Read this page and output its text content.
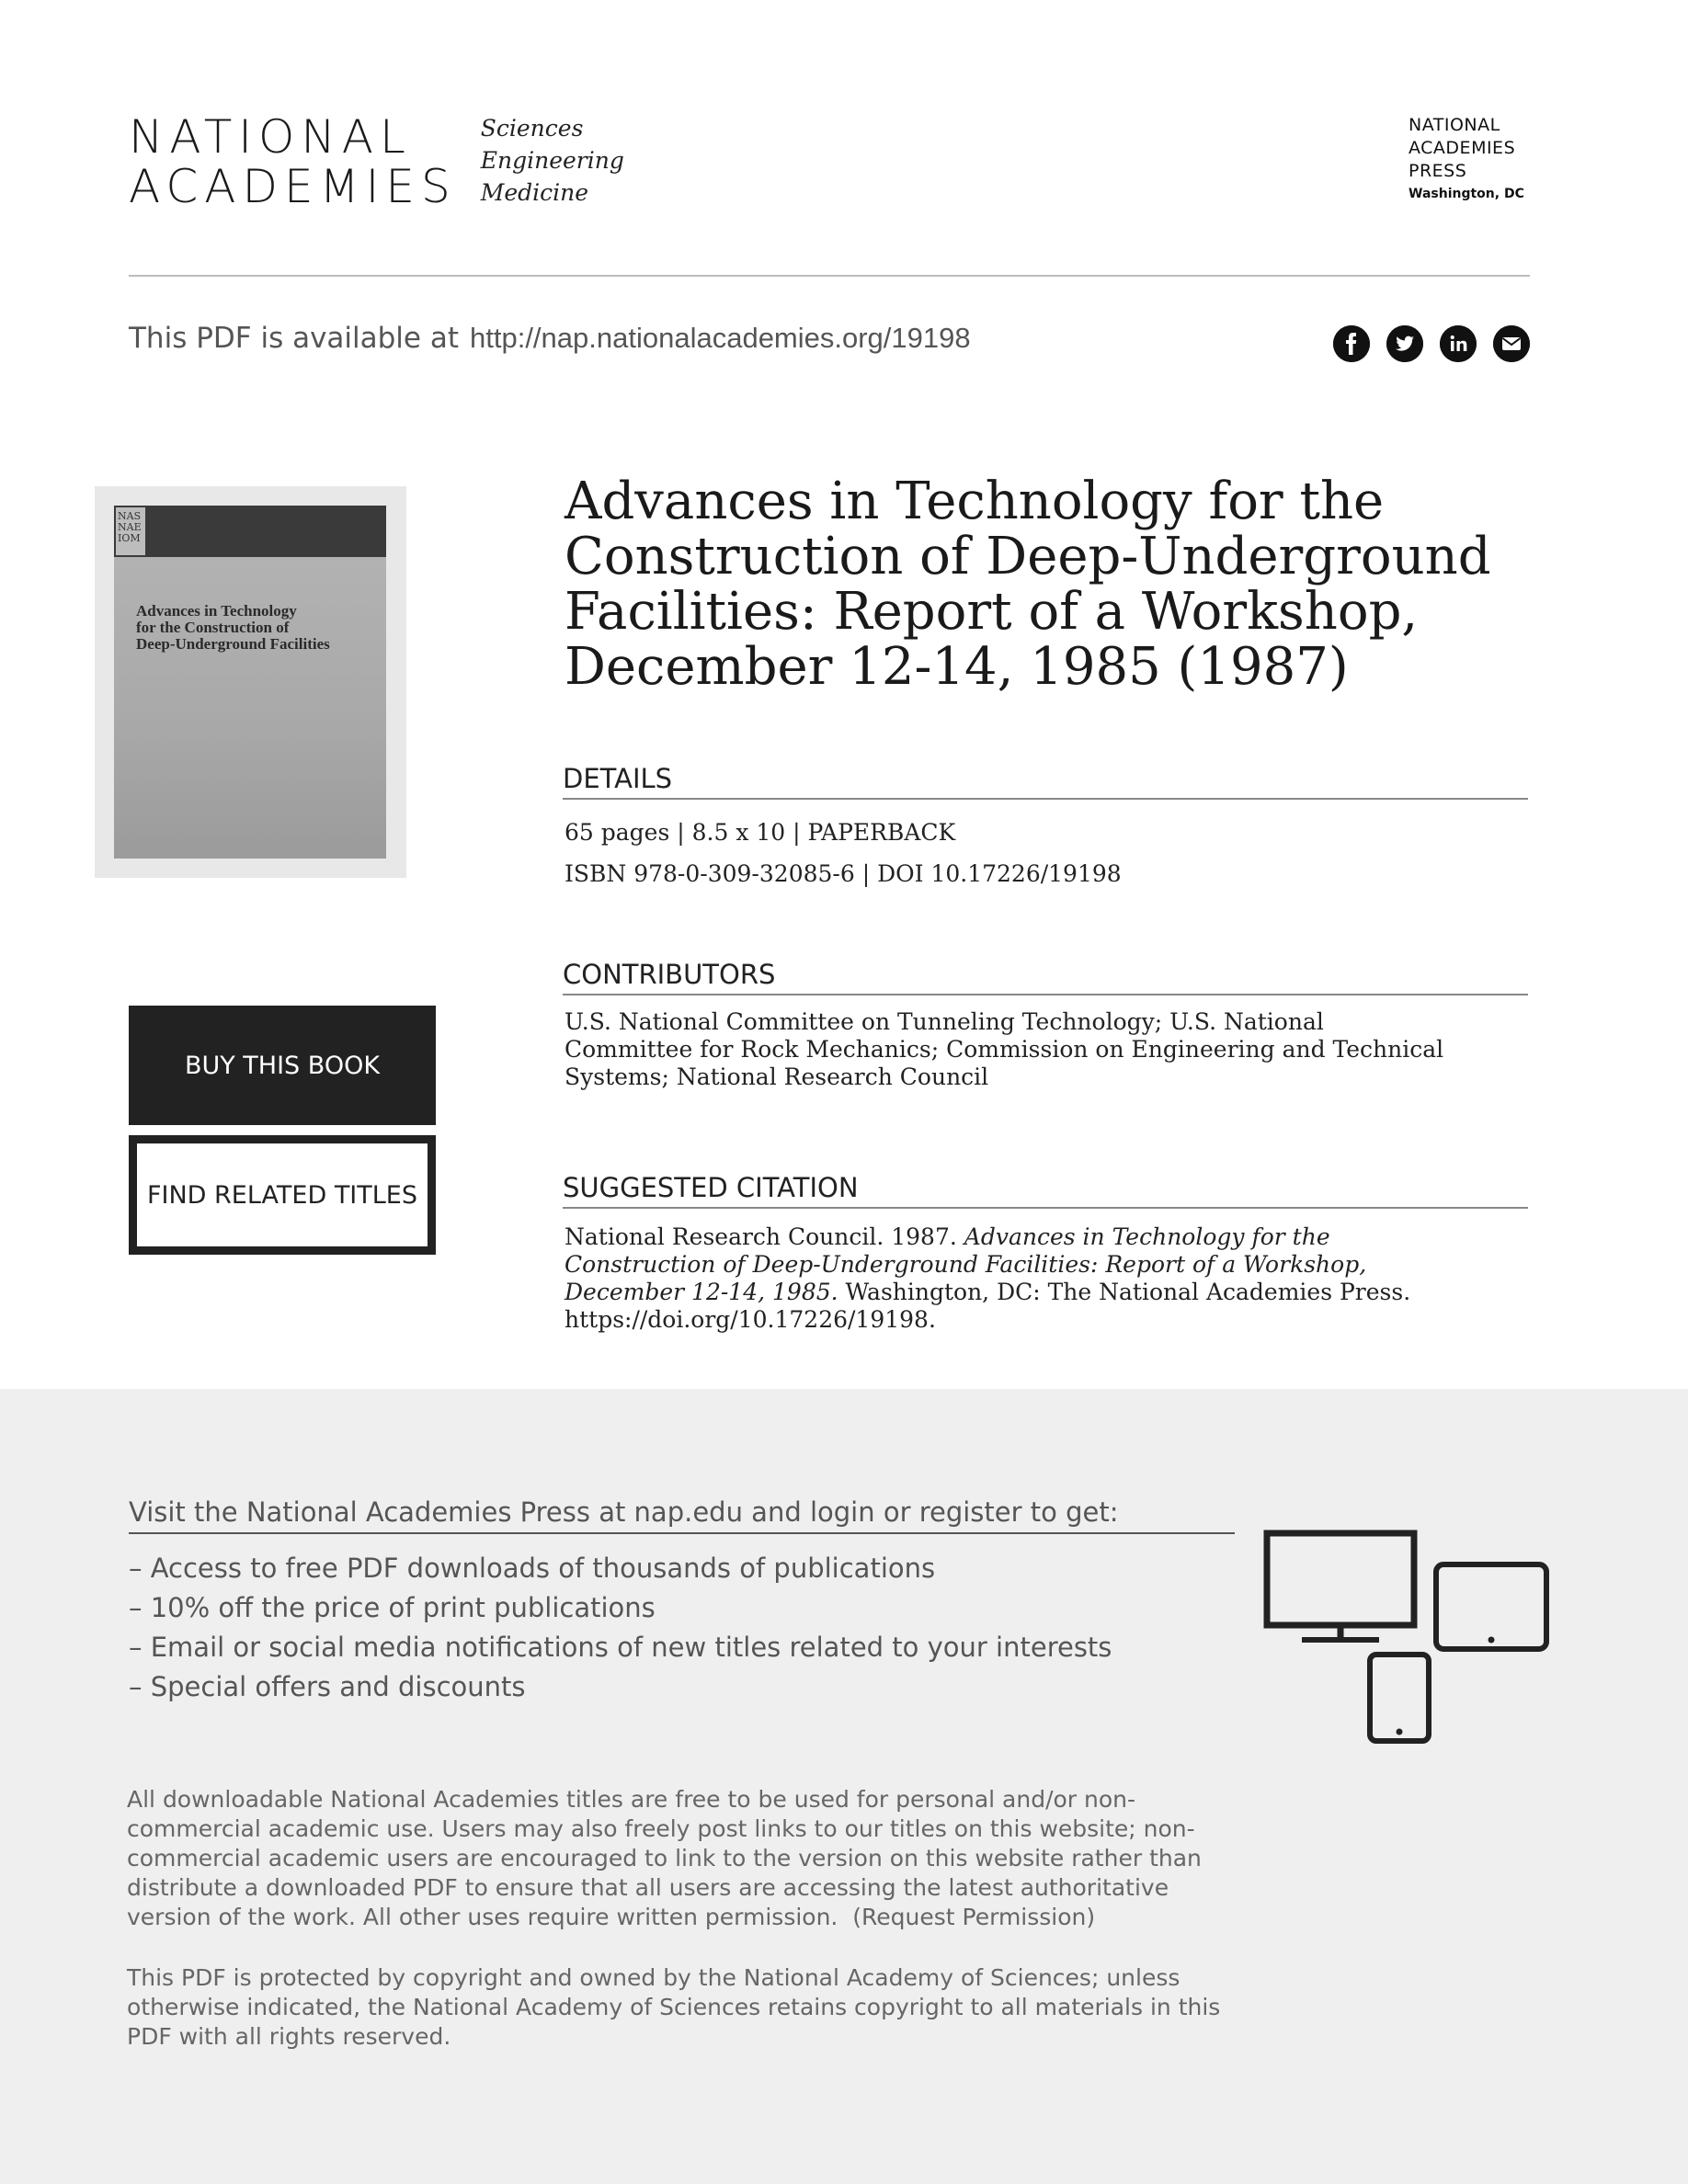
NATIONAL
ACADEMIES
Sciences
Engineering
Medicine
NATIONAL
ACADEMIES
PRESS
Washington, DC
This PDF is available at http://nap.nationalacademies.org/19198
NAS
NAE
IOM
Advances in Technology
for the Construction of
Deep-Underground Facilities
BUY THIS BOOK
FIND RELATED TITLES
Advances in Technology for the Construction of Deep-Underground Facilities: Report of a Workshop, December 12-14, 1985 (1987)
DETAILS
65 pages | 8.5 x 10 | PAPERBACK
ISBN 978-0-309-32085-6 | DOI 10.17226/19198
CONTRIBUTORS
U.S. National Committee on Tunneling Technology; U.S. National Committee for Rock Mechanics; Commission on Engineering and Technical Systems; National Research Council
SUGGESTED CITATION
National Research Council. 1987. Advances in Technology for the Construction of Deep-Underground Facilities: Report of a Workshop, December 12-14, 1985. Washington, DC: The National Academies Press. https://doi.org/10.17226/19198.
Visit the National Academies Press at nap.edu and login or register to get:
– Access to free PDF downloads of thousands of publications
– 10% off the price of print publications
– Email or social media notifications of new titles related to your interests
– Special offers and discounts
All downloadable National Academies titles are free to be used for personal and/or non-commercial academic use. Users may also freely post links to our titles on this website; non-commercial academic users are encouraged to link to the version on this website rather than distribute a downloaded PDF to ensure that all users are accessing the latest authoritative version of the work. All other uses require written permission. (Request Permission)
This PDF is protected by copyright and owned by the National Academy of Sciences; unless otherwise indicated, the National Academy of Sciences retains copyright to all materials in this PDF with all rights reserved.
